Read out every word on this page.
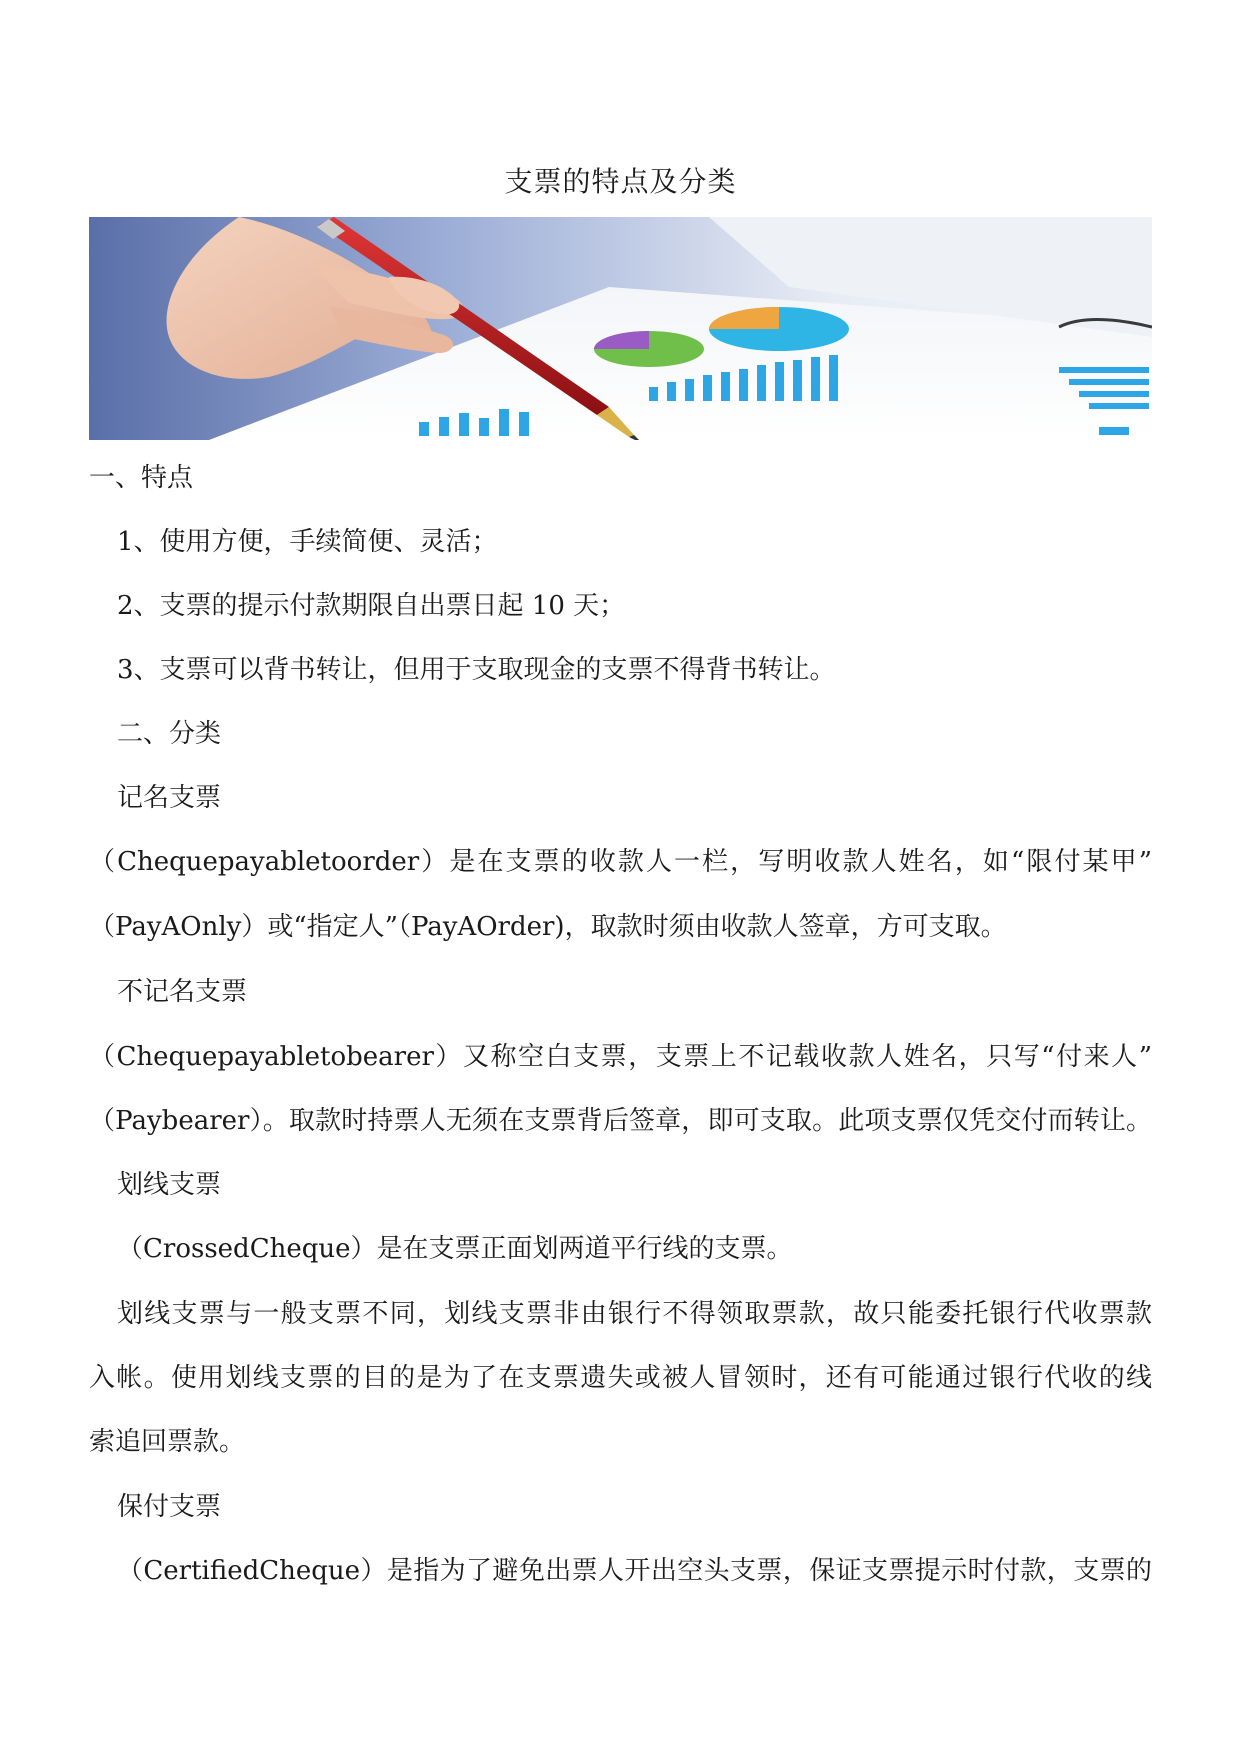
支票的特点及分类
一、特点
1、使用方便，手续简便、灵活；
2、支票的提示付款期限自出票日起 10 天；
3、支票可以背书转让，但用于支取现金的支票不得背书转让。
二、分类
记名支票
（Chequepayabletoorder）是在支票的收款人一栏，写明收款人姓名，如“限付某甲”
（PayAOnly）或“指定人”（PayAOrder)，取款时须由收款人签章，方可支取。
不记名支票
（Chequepayabletobearer）又称空白支票，支票上不记载收款人姓名，只写“付来人”
（Paybearer）。取款时持票人无须在支票背后签章，即可支取。此项支票仅凭交付而转让。
划线支票
（CrossedCheque）是在支票正面划两道平行线的支票。
划线支票与一般支票不同，划线支票非由银行不得领取票款，故只能委托银行代收票款
入帐。使用划线支票的目的是为了在支票遗失或被人冒领时，还有可能通过银行代收的线
索追回票款。
保付支票
（CertifiedCheque）是指为了避免出票人开出空头支票，保证支票提示时付款，支票的
